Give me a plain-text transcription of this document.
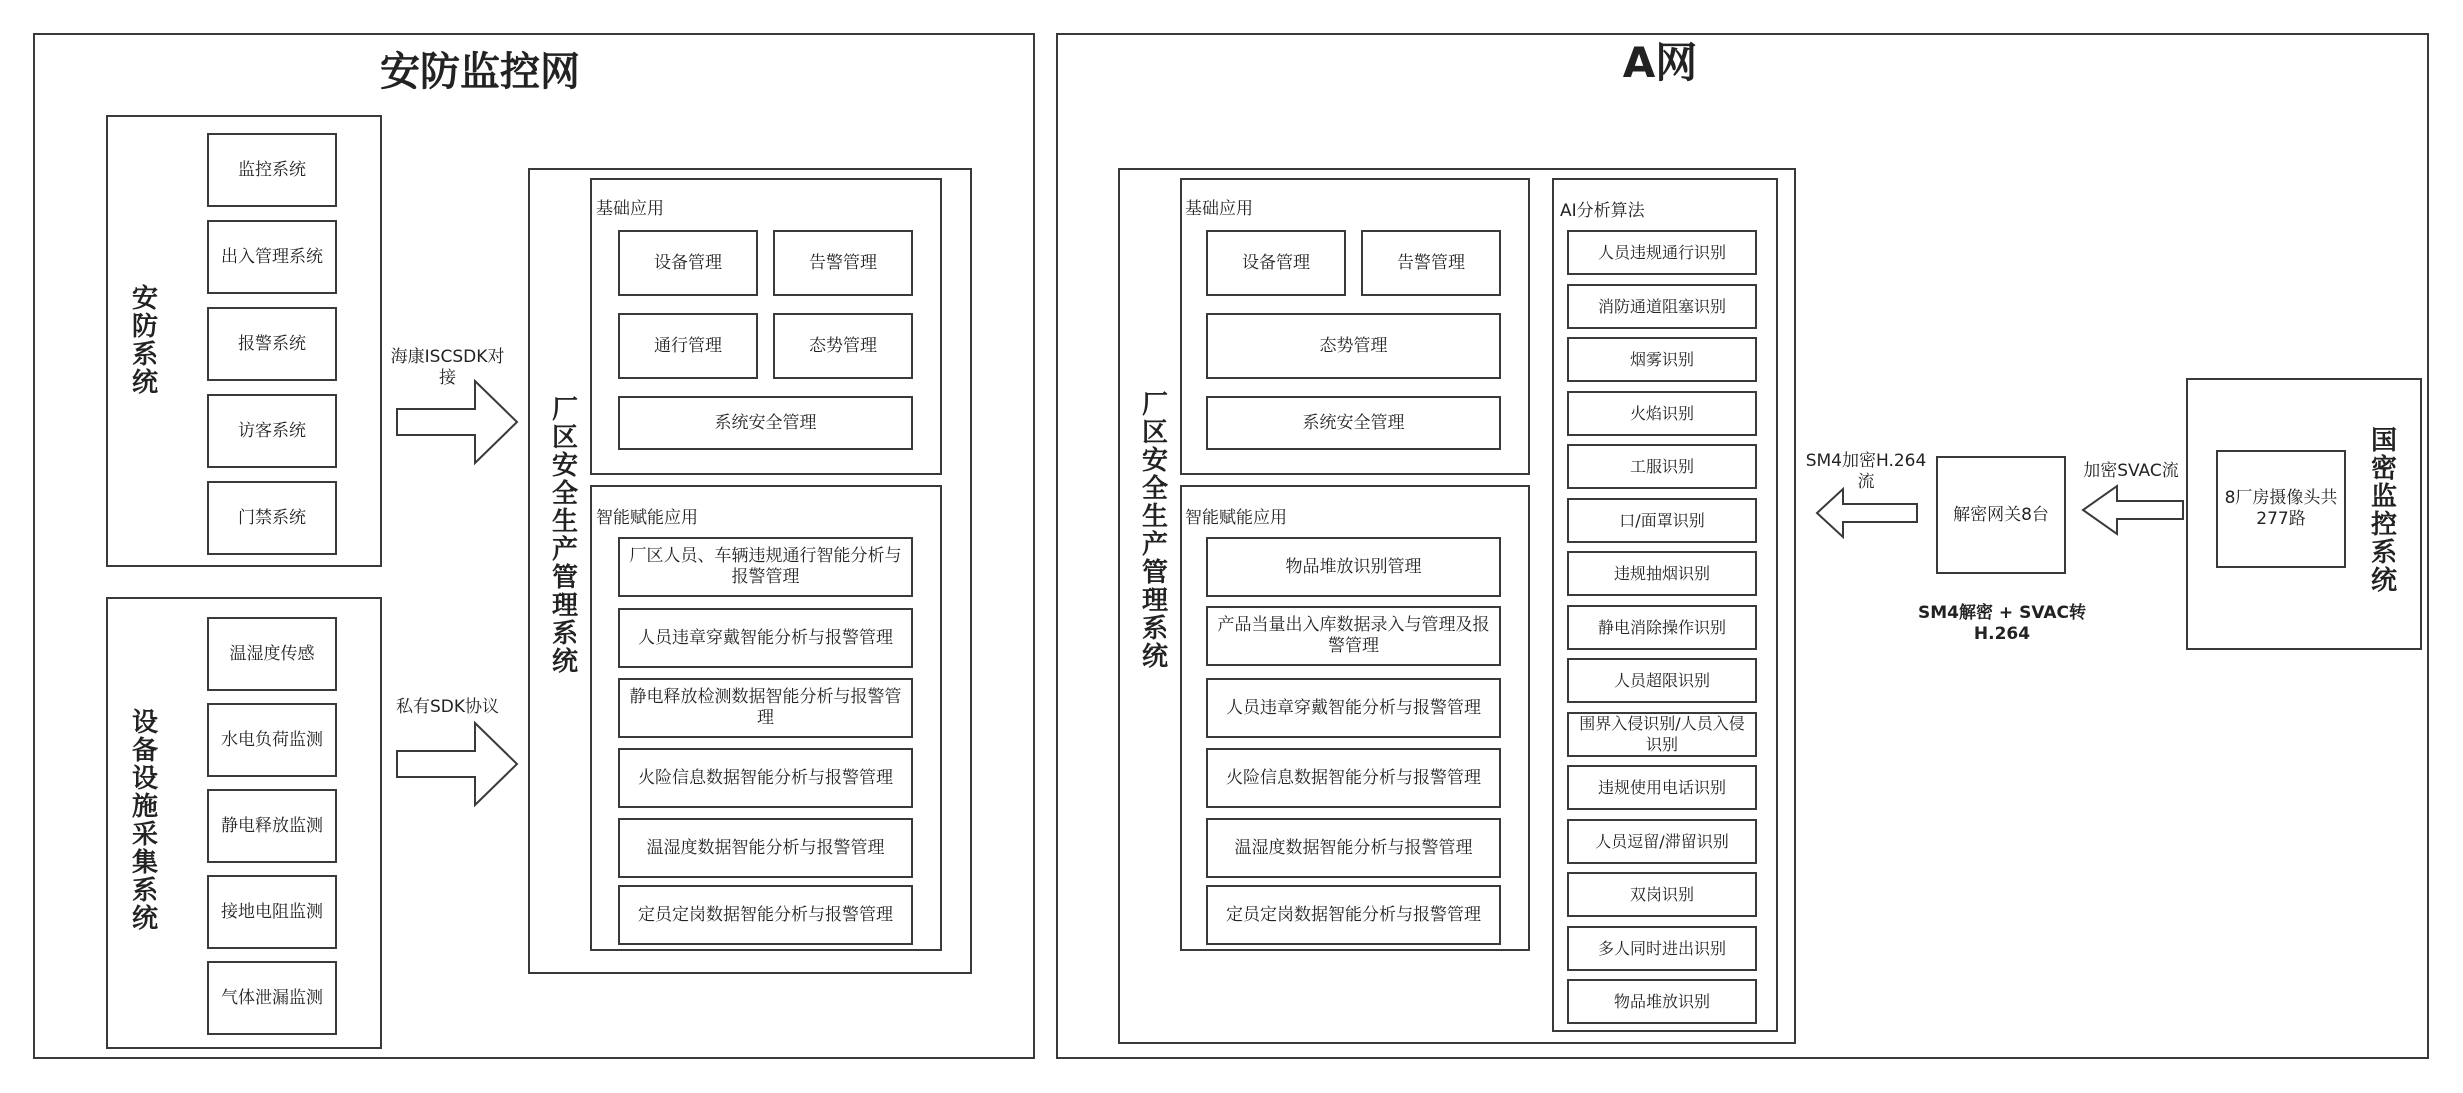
安防监控网
安防系统
监控系统
出入管理系统
报警系统
访客系统
门禁系统
设备设施采集系统
温湿度传感
水电负荷监测
静电释放监测
接地电阻监测
气体泄漏监测
海康ISCSDK对接
私有SDK协议
厂区安全生产管理系统
基础应用
设备管理	告警管理
通行管理	态势管理
系统安全管理
智能赋能应用
厂区人员、车辆违规通行智能分析与报警管理
人员违章穿戴智能分析与报警管理
静电释放检测数据智能分析与报警管理
火险信息数据智能分析与报警管理
温湿度数据智能分析与报警管理
定员定岗数据智能分析与报警管理
A网
厂区安全生产管理系统
基础应用
设备管理	告警管理
态势管理
系统安全管理
智能赋能应用
物品堆放识别管理
产品当量出入库数据录入与管理及报警管理
人员违章穿戴智能分析与报警管理
火险信息数据智能分析与报警管理
温湿度数据智能分析与报警管理
定员定岗数据智能分析与报警管理
AI分析算法
人员违规通行识别
消防通道阻塞识别
烟雾识别
火焰识别
工服识别
口/面罩识别
违规抽烟识别
静电消除操作识别
人员超限识别
围界入侵识别/人员入侵识别
违规使用电话识别
人员逗留/滞留识别
双岗识别
多人同时进出识别
物品堆放识别
SM4加密H.264流
解密网关8台
SM4解密 + SVAC转H.264
加密SVAC流
8厂房摄像头共277路	国密监控系统
